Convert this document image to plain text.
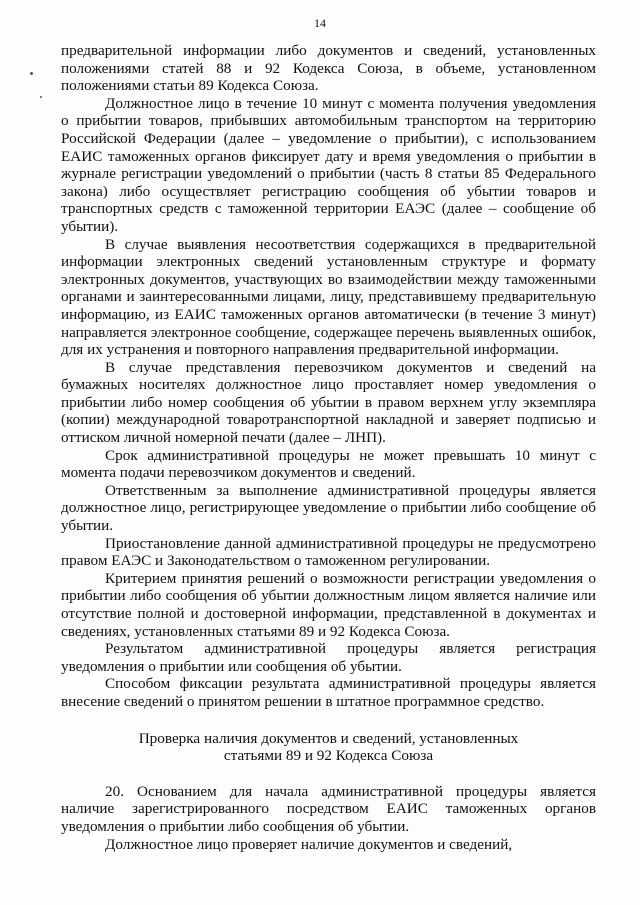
14

предварительной информации либо документов и сведений, установленных положениями статей 88 и 92 Кодекса Союза, в объеме, установленном положениями статьи 89 Кодекса Союза.

Должностное лицо в течение 10 минут с момента получения уведомления о прибытии товаров, прибывших автомобильным транспортом на территорию Российской Федерации (далее – уведомление о прибытии), с использованием ЕАИС таможенных органов фиксирует дату и время уведомления о прибытии в журнале регистрации уведомлений о прибытии (часть 8 статьи 85 Федерального закона) либо осуществляет регистрацию сообщения об убытии товаров и транспортных средств с таможенной территории ЕАЭС (далее – сообщение об убытии).

В случае выявления несоответствия содержащихся в предварительной информации электронных сведений установленным структуре и формату электронных документов, участвующих во взаимодействии между таможенными органами и заинтересованными лицами, лицу, представившему предварительную информацию, из ЕАИС таможенных органов автоматически (в течение 3 минут) направляется электронное сообщение, содержащее перечень выявленных ошибок, для их устранения и повторного направления предварительной информации.

В случае представления перевозчиком документов и сведений на бумажных носителях должностное лицо проставляет номер уведомления о прибытии либо номер сообщения об убытии в правом верхнем углу экземпляра (копии) международной товаротранспортной накладной и заверяет подписью и оттиском личной номерной печати (далее – ЛНП).

Срок административной процедуры не может превышать 10 минут с момента подачи перевозчиком документов и сведений.

Ответственным за выполнение административной процедуры является должностное лицо, регистрирующее уведомление о прибытии либо сообщение об убытии.

Приостановление данной административной процедуры не предусмотрено правом ЕАЭС и Законодательством о таможенном регулировании.

Критерием принятия решений о возможности регистрации уведомления о прибытии либо сообщения об убытии должностным лицом является наличие или отсутствие полной и достоверной информации, представленной в документах и сведениях, установленных статьями 89 и 92 Кодекса Союза.

Результатом административной процедуры является регистрация уведомления о прибытии или сообщения об убытии.

Способом фиксации результата административной процедуры является внесение сведений о принятом решении в штатное программное средство.

Проверка наличия документов и сведений, установленных
статьями 89 и 92 Кодекса Союза

20. Основанием для начала административной процедуры является наличие зарегистрированного посредством ЕАИС таможенных органов уведомления о прибытии либо сообщения об убытии.

Должностное лицо проверяет наличие документов и сведений,
